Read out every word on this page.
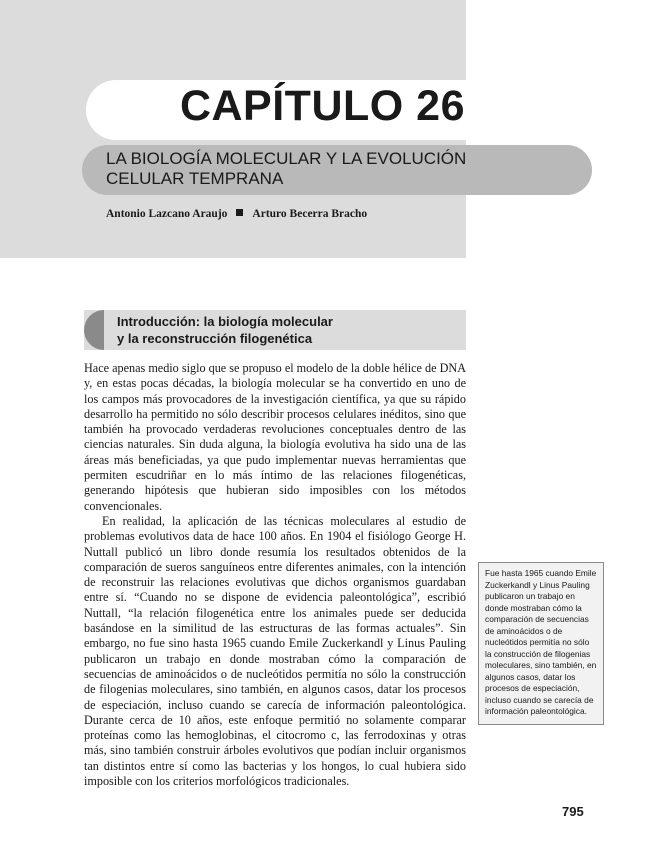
CAPÍTULO 26
LA BIOLOGÍA MOLECULAR Y LA EVOLUCIÓN
CELULAR TEMPRANA
Antonio Lazcano Araujo Arturo Becerra Bracho
Introducción: la biología molecular
y la reconstrucción filogenética

Hace apenas medio siglo que se propuso el modelo de la doble hélice de DNA y, en estas pocas décadas, la biología molecular se ha convertido en uno de los campos más provocadores de la investigación científica, ya que su rápido desarrollo ha permitido no sólo describir procesos celulares inéditos, sino que también ha provocado verdaderas revoluciones conceptuales dentro de las ciencias naturales. Sin duda alguna, la biología evolutiva ha sido una de las áreas más beneficiadas, ya que pudo implementar nuevas herramientas que permiten escudriñar en lo más íntimo de las relaciones filogenéticas, generando hipótesis que hubieran sido imposibles con los métodos convencionales.

En realidad, la aplicación de las técnicas moleculares al estudio de problemas evolutivos data de hace 100 años. En 1904 el fisiólogo George H. Nuttall publicó un libro donde resumía los resultados obtenidos de la comparación de sueros sanguíneos entre diferentes animales, con la intención de reconstruir las relaciones evolutivas que dichos organismos guardaban entre sí. “Cuando no se dispone de evidencia paleontológica”, escribió Nuttall, “la relación filogenética entre los animales puede ser deducida basándose en la similitud de las estructuras de las formas actuales”. Sin embargo, no fue sino hasta 1965 cuando Emile Zuckerkandl y Linus Pauling publicaron un trabajo en donde mostraban cómo la comparación de secuencias de aminoácidos o de nucleótidos permitía no sólo la construcción de filogenias moleculares, sino también, en algunos casos, datar los procesos de especiación, incluso cuando se carecía de información paleontológica. Durante cerca de 10 años, este enfoque permitió no solamente comparar proteínas como las hemoglobinas, el citocromo c, las ferrodoxinas y otras más, sino también construir árboles evolutivos que podían incluir organismos tan distintos entre sí como las bacterias y los hongos, lo cual hubiera sido imposible con los criterios morfológicos tradicionales.

Fue hasta 1965 cuando Emile Zuckerkandl y Linus Pauling publicaron un trabajo en donde mostraban cómo la comparación de secuencias de aminoácidos o de nucleótidos permitía no sólo la construcción de filogenias moleculares, sino también, en algunos casos, datar los procesos de especiación, incluso cuando se carecía de información paleontológica.
795
